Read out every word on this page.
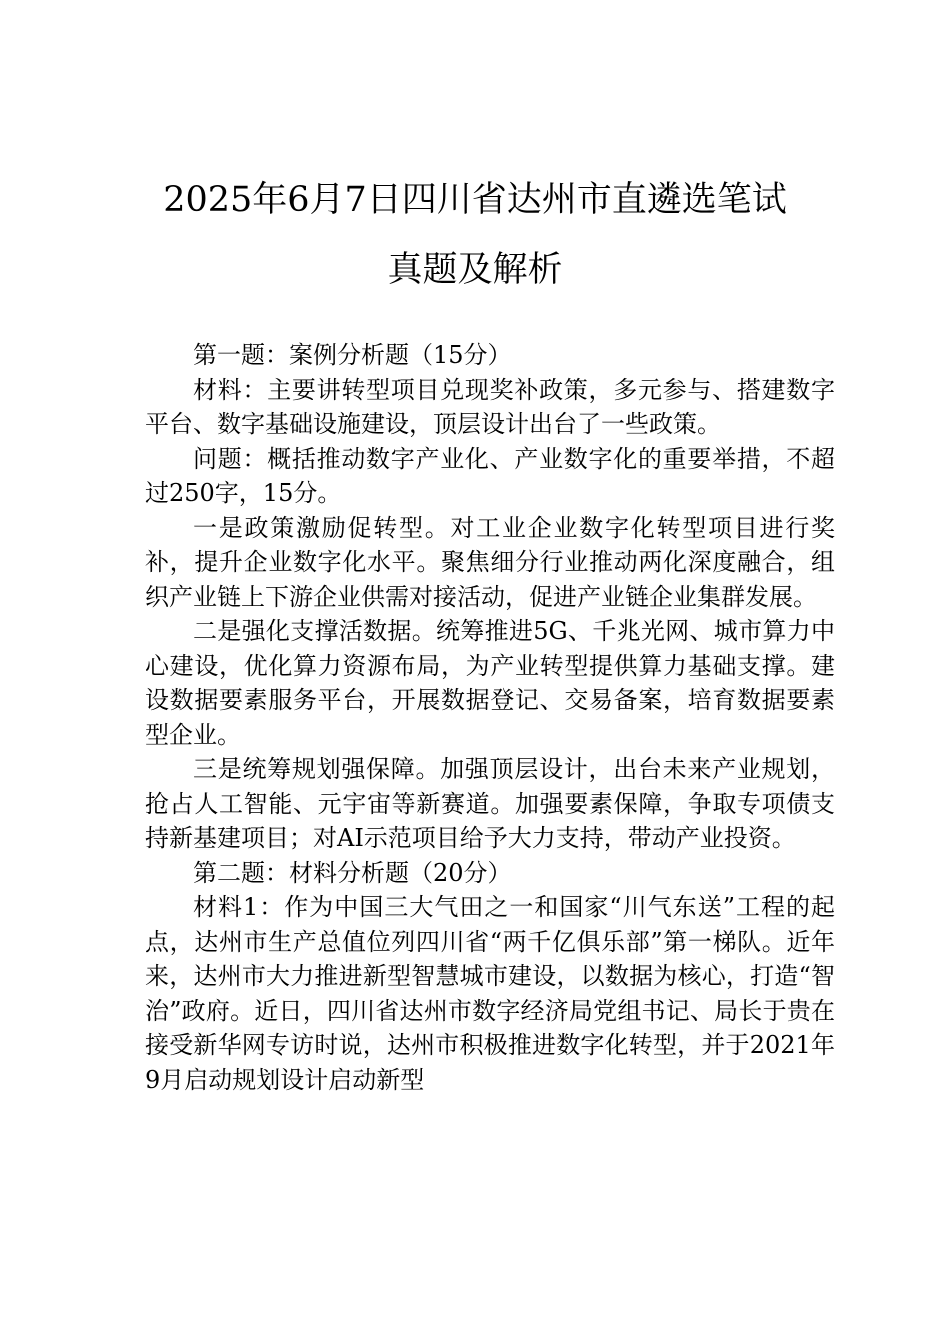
2025年6月7日四川省达州市直遴选笔试
真题及解析

第一题：案例分析题（15分）

材料：主要讲转型项目兑现奖补政策，多元参与、搭建数字平台、数字基础设施建设，顶层设计出台了一些政策。

问题：概括推动数字产业化、产业数字化的重要举措，不超过250字，15分。

一是政策激励促转型。对工业企业数字化转型项目进行奖补，提升企业数字化水平。聚焦细分行业推动两化深度融合，组织产业链上下游企业供需对接活动，促进产业链企业集群发展。

二是强化支撑活数据。统筹推进5G、千兆光网、城市算力中心建设，优化算力资源布局，为产业转型提供算力基础支撑。建设数据要素服务平台，开展数据登记、交易备案，培育数据要素型企业。

三是统筹规划强保障。加强顶层设计，出台未来产业规划，抢占人工智能、元宇宙等新赛道。加强要素保障，争取专项债支持新基建项目；对AI示范项目给予大力支持，带动产业投资。

第二题：材料分析题（20分）

材料1：作为中国三大气田之一和国家“川气东送”工程的起点，达州市生产总值位列四川省“两千亿俱乐部”第一梯队。近年来，达州市大力推进新型智慧城市建设，以数据为核心，打造“智治”政府。近日，四川省达州市数字经济局党组书记、局长于贵在接受新华网专访时说，达州市积极推进数字化转型，并于2021年9月启动规划设计启动新型
